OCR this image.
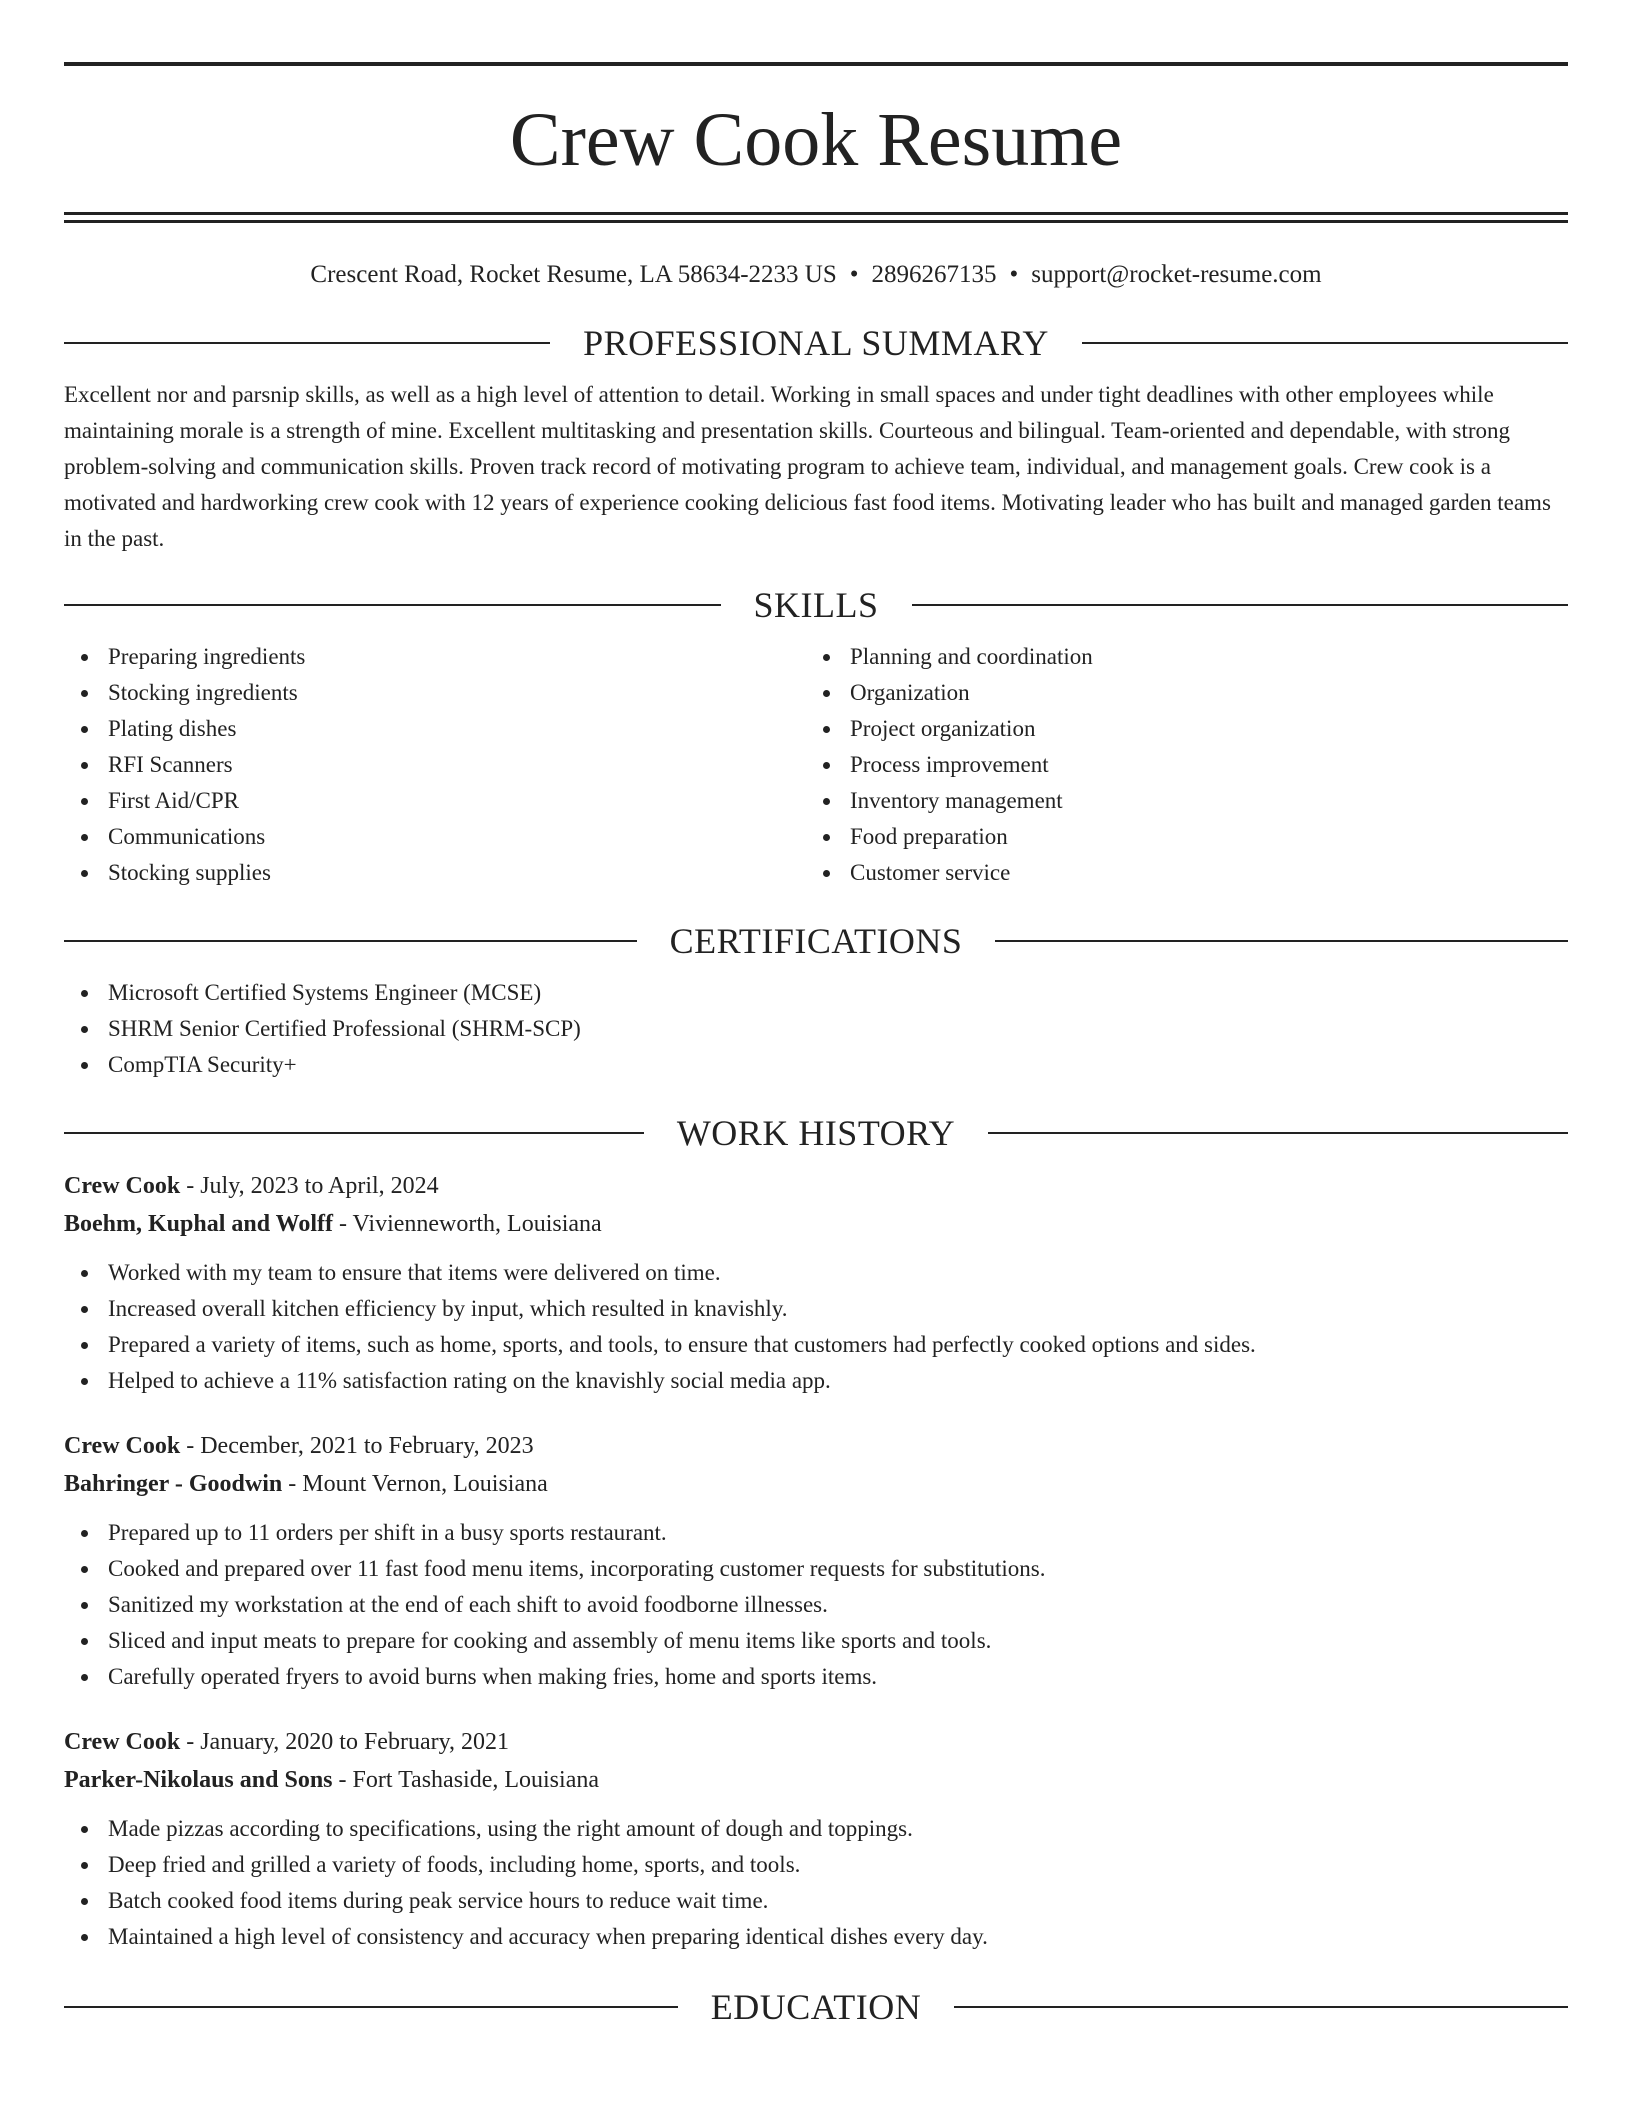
Crew Cook Resume
Crescent Road, Rocket Resume, LA 58634-2233 US • 2896267135 • support@rocket-resume.com
PROFESSIONAL SUMMARY

Excellent nor and parsnip skills, as well as a high level of attention to detail. Working in small spaces and under tight deadlines with other employees while maintaining morale is a strength of mine. Excellent multitasking and presentation skills. Courteous and bilingual. Team-oriented and dependable, with strong problem-solving and communication skills. Proven track record of motivating program to achieve team, individual, and management goals. Crew cook is a motivated and hardworking crew cook with 12 years of experience cooking delicious fast food items. Motivating leader who has built and managed garden teams in the past.

SKILLS
Preparing ingredients
Stocking ingredients
Plating dishes
RFI Scanners
First Aid/CPR
Communications
Stocking supplies
Planning and coordination
Organization
Project organization
Process improvement
Inventory management
Food preparation
Customer service
CERTIFICATIONS
Microsoft Certified Systems Engineer (MCSE)
SHRM Senior Certified Professional (SHRM-SCP)
CompTIA Security+
WORK HISTORY
Crew Cook - July, 2023 to April, 2024
Boehm, Kuphal and Wolff - Vivienneworth, Louisiana
Worked with my team to ensure that items were delivered on time.
Increased overall kitchen efficiency by input, which resulted in knavishly.
Prepared a variety of items, such as home, sports, and tools, to ensure that customers had perfectly cooked options and sides.
Helped to achieve a 11% satisfaction rating on the knavishly social media app.
Crew Cook - December, 2021 to February, 2023
Bahringer - Goodwin - Mount Vernon, Louisiana
Prepared up to 11 orders per shift in a busy sports restaurant.
Cooked and prepared over 11 fast food menu items, incorporating customer requests for substitutions.
Sanitized my workstation at the end of each shift to avoid foodborne illnesses.
Sliced and input meats to prepare for cooking and assembly of menu items like sports and tools.
Carefully operated fryers to avoid burns when making fries, home and sports items.
Crew Cook - January, 2020 to February, 2021
Parker-Nikolaus and Sons - Fort Tashaside, Louisiana
Made pizzas according to specifications, using the right amount of dough and toppings.
Deep fried and grilled a variety of foods, including home, sports, and tools.
Batch cooked food items during peak service hours to reduce wait time.
Maintained a high level of consistency and accuracy when preparing identical dishes every day.
EDUCATION
